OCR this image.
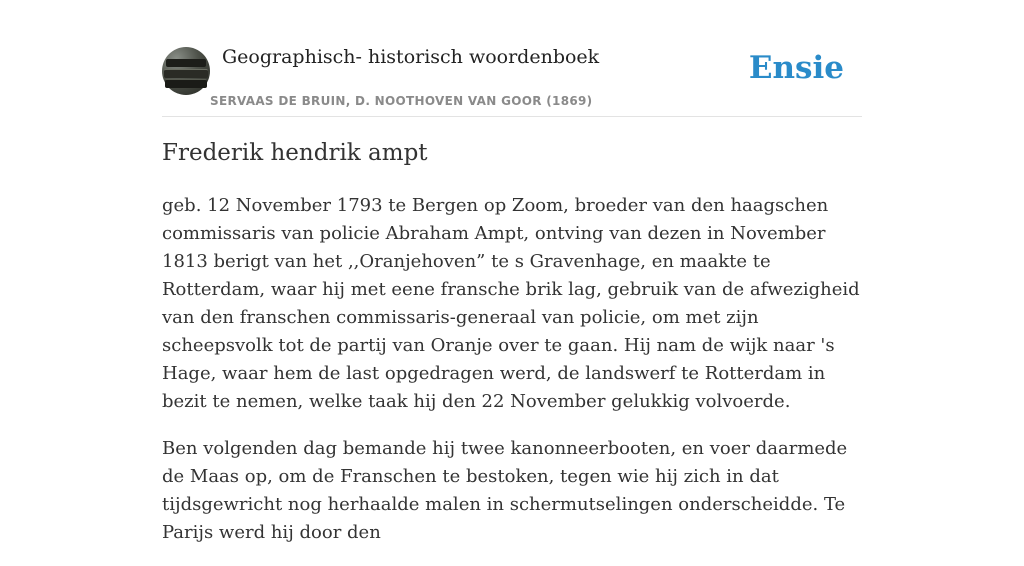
Geographisch- historisch woordenboek
SERVAAS DE BRUIN, D. NOOTHOVEN VAN GOOR (1869)
Ensie
Frederik hendrik ampt

geb. 12 November 1793 te Bergen op Zoom, broeder van den haagschen commissaris van policie Abraham Ampt, ontving van dezen in November 1813 berigt van het ,,Oranjehoven” te s Gravenhage, en maakte te Rotterdam, waar hij met eene fransche brik lag, gebruik van de afwezigheid van den franschen commissaris-generaal van policie, om met zijn scheepsvolk tot de partij van Oranje over te gaan. Hij nam de wijk naar 's Hage, waar hem de last opgedragen werd, de landswerf te Rotterdam in bezit te nemen, welke taak hij den 22 November gelukkig volvoerde.

Ben volgenden dag bemande hij twee kanonneerbooten, en voer daarmede de Maas op, om de Franschen te bestoken, tegen wie hij zich in dat tijdsgewricht nog herhaalde malen in schermutselingen onderscheidde. Te Parijs werd hij door den
